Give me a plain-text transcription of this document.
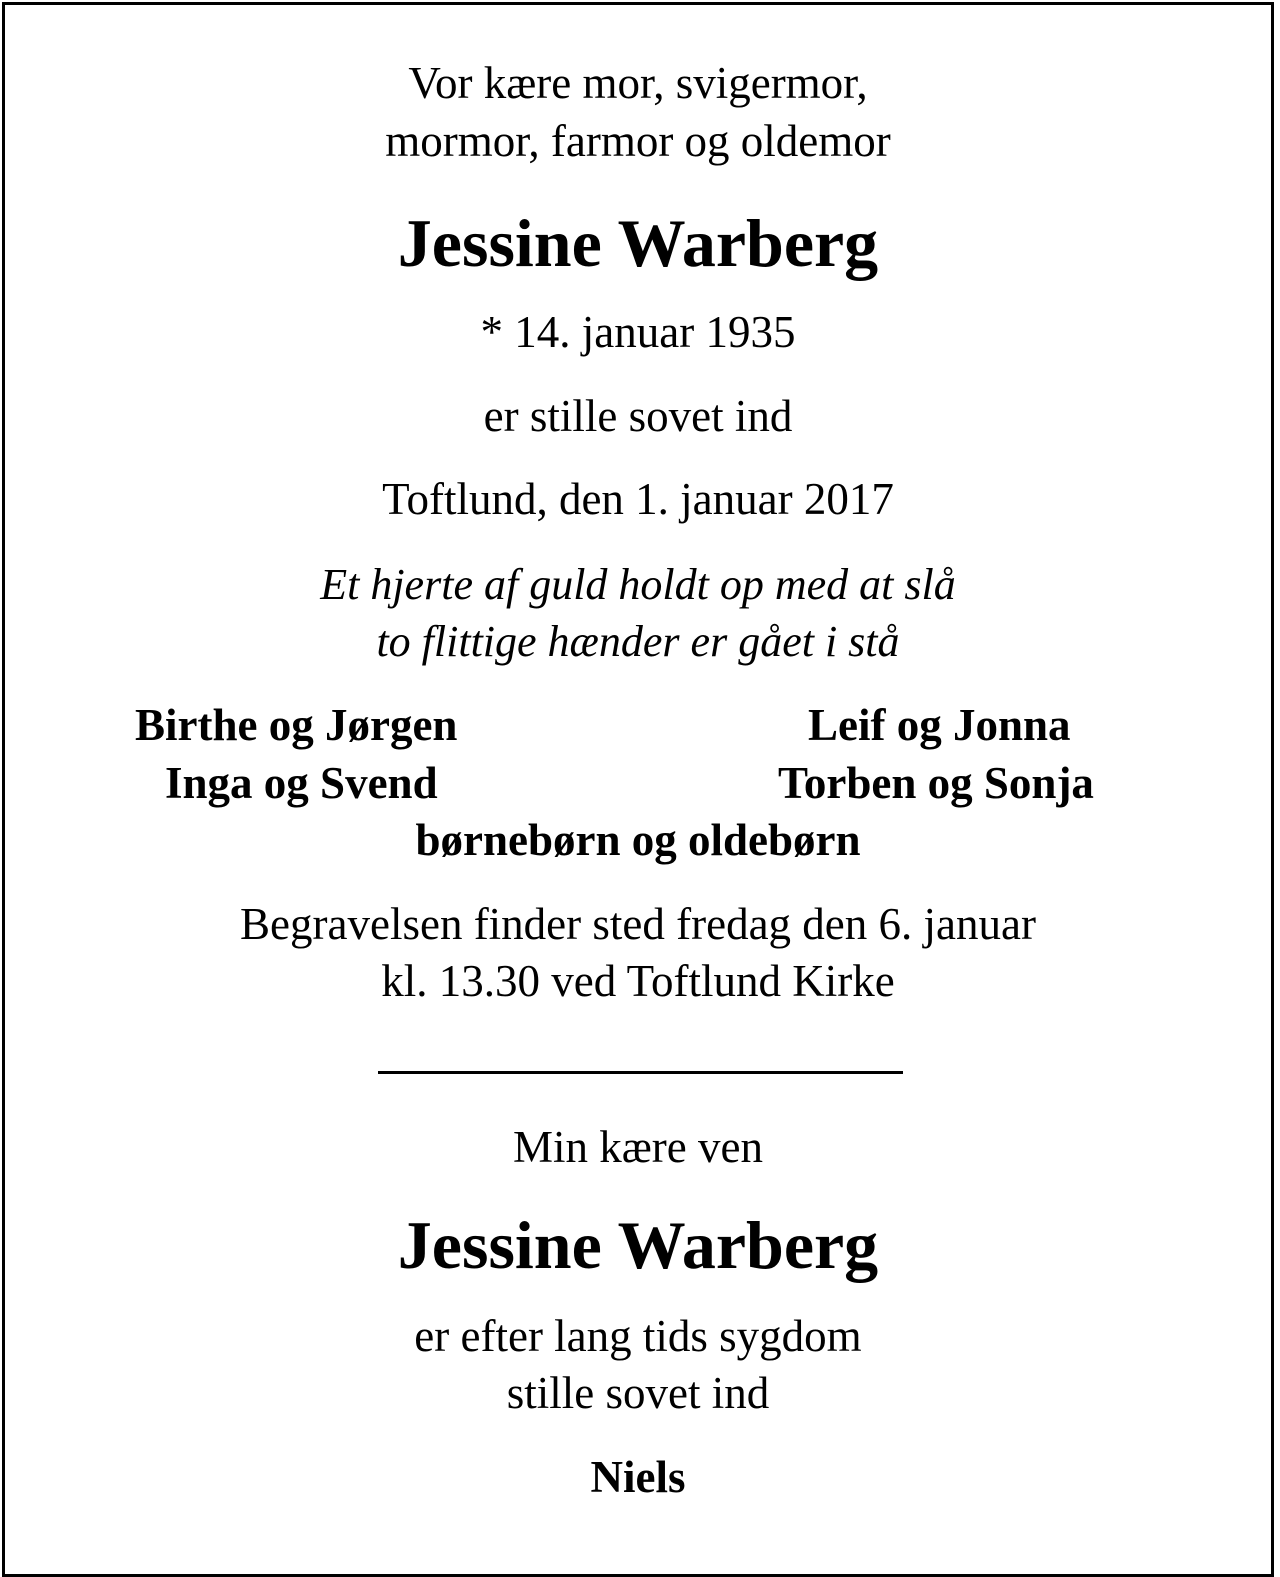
Vor kære mor, svigermor,
mormor, farmor og oldemor
Jessine Warberg
* 14. januar 1935
er stille sovet ind
Toftlund, den 1. januar 2017
Et hjerte af guld holdt op med at slå
to flittige hænder er gået i stå
Birthe og Jørgen
Inga og Svend
Leif og Jonna
Torben og Sonja
børnebørn og oldebørn
Begravelsen finder sted fredag den 6. januar
kl. 13.30 ved Toftlund Kirke
Min kære ven
Jessine Warberg
er efter lang tids sygdom
stille sovet ind
Niels
